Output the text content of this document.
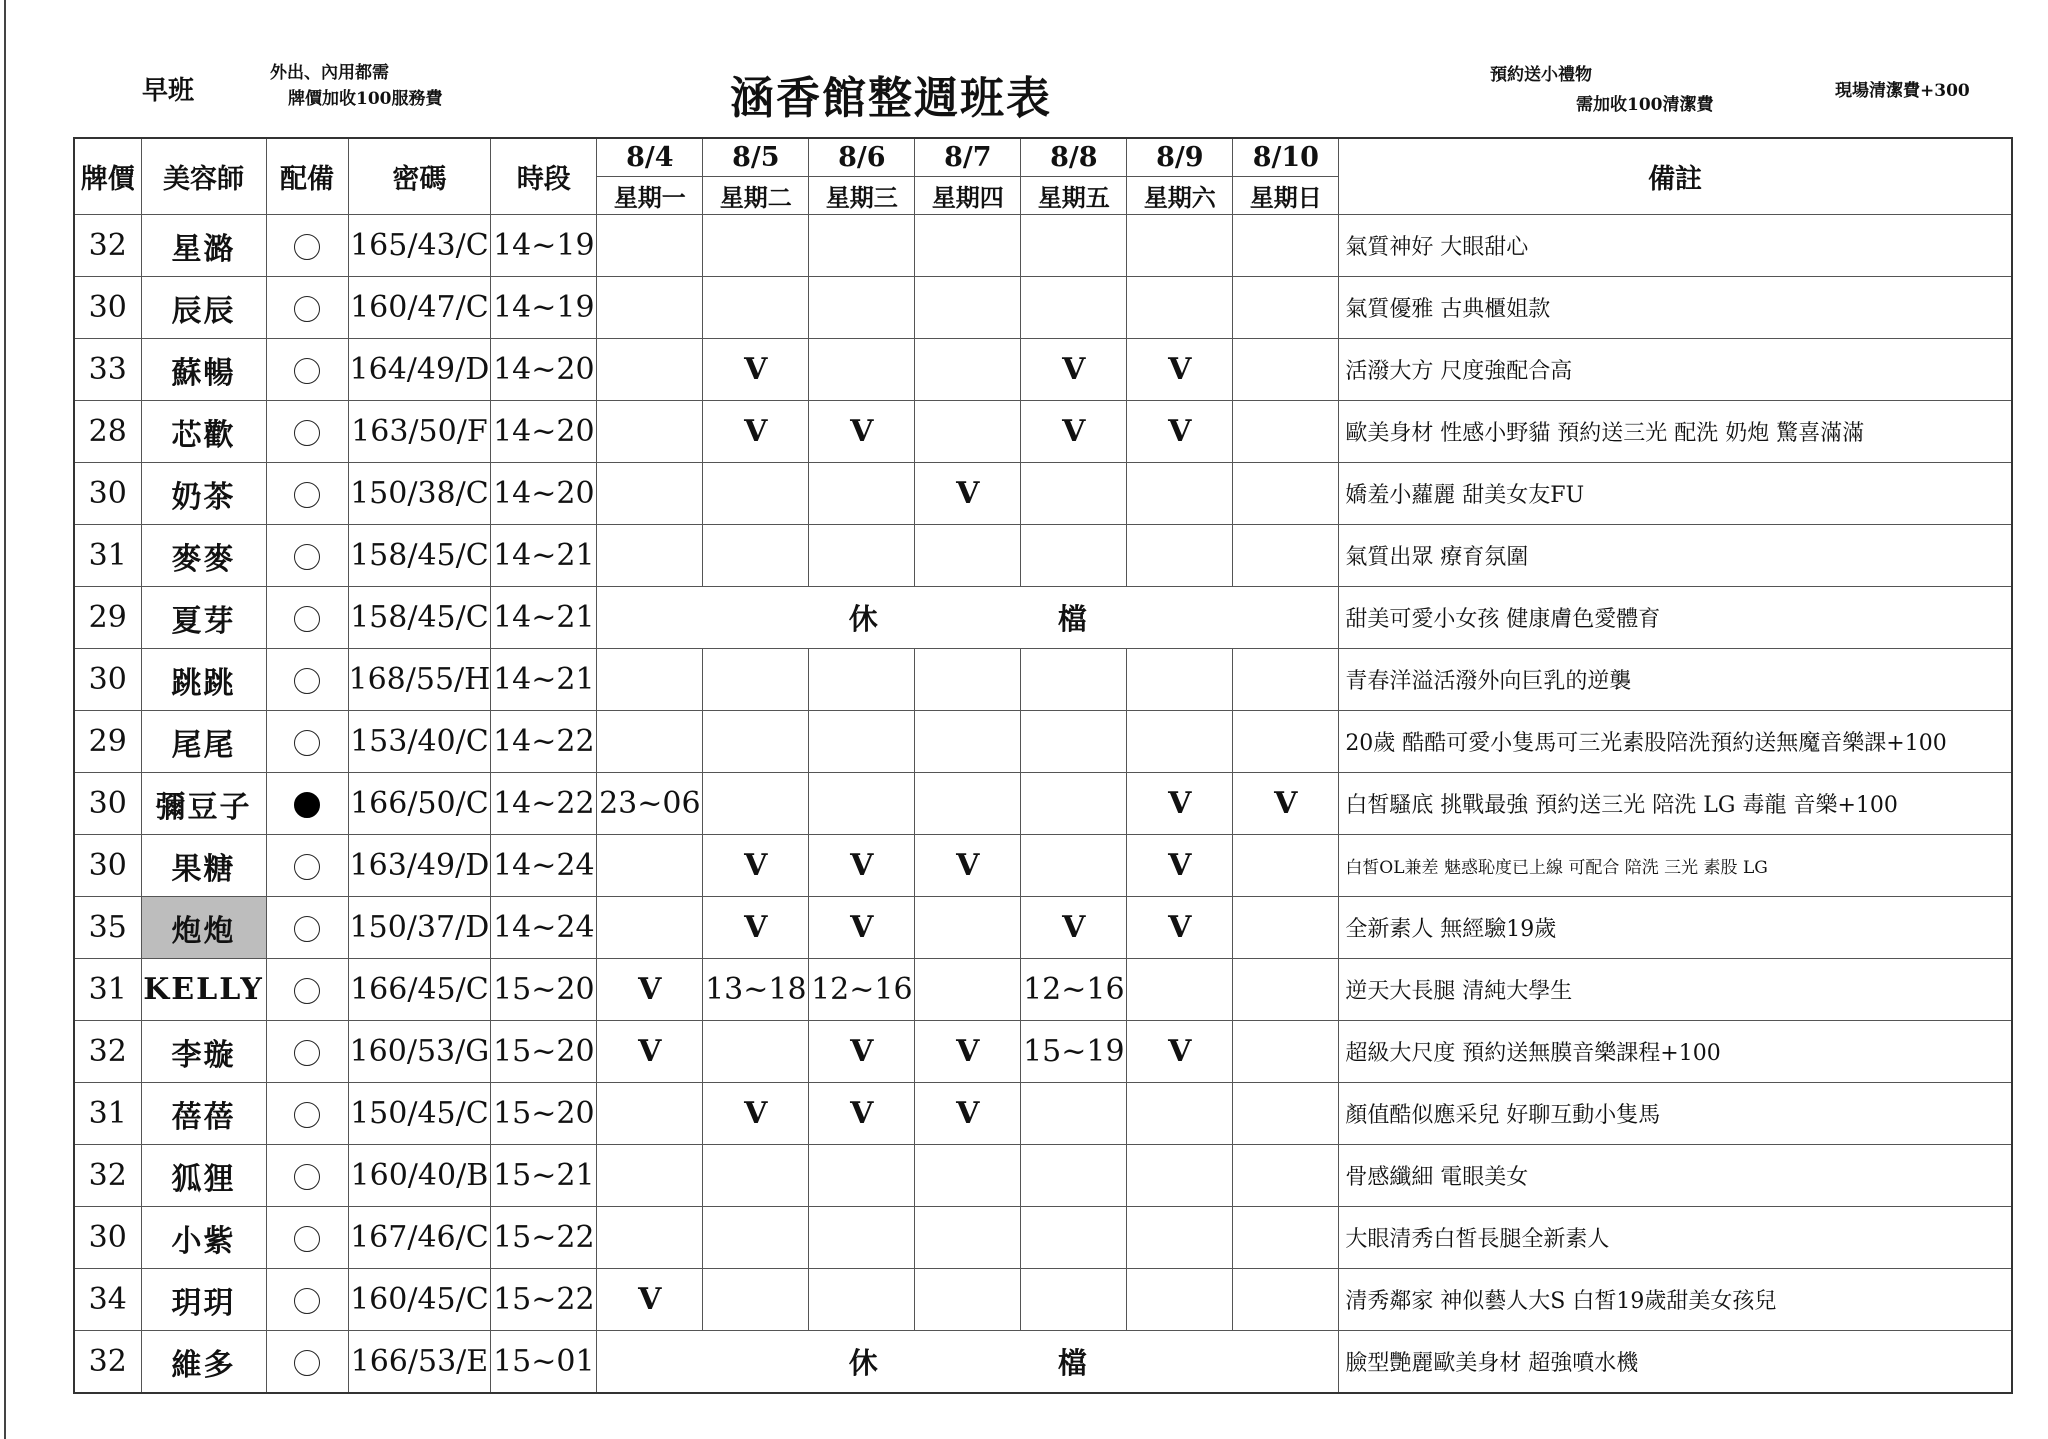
早班
外出、內用都需
牌價加收100服務費	涵香館整週班表	預約送小禮物
需加收100清潔費
現場清潔費+300
牌價	美容師	配備	密碼	時段	8/4	8/5	8/6	8/7	8/8	8/9	8/10	備註
					星期一	星期二	星期三	星期四	星期五	星期六	星期日	
32	星潞		165/43/C	14~19								氣質神好 大眼甜心
30	辰辰		160/47/C	14~19								氣質優雅 古典櫃姐款
33	蘇暢		164/49/D	14~20		V			V	V		活潑大方 尺度強配合高
28	芯歡		163/50/F	14~20		V	V		V	V		歐美身材 性感小野貓 預約送三光 配洗 奶炮 驚喜滿滿
30	奶茶		150/38/C	14~20				V				嬌羞小蘿麗 甜美女友FU
31	麥麥		158/45/C	14~21								氣質出眾 療育氛圍
29	夏芽		158/45/C	14~21	休 檔							甜美可愛小女孩 健康膚色愛體育
30	跳跳		168/55/H	14~21								青春洋溢活潑外向巨乳的逆襲
29	尾尾		153/40/C	14~22								20歲 酷酷可愛小隻馬可三光素股陪洗預約送無魔音樂課+100
30	彌豆子		166/50/C	14~22	23~06					V	V	白皙騷底 挑戰最強 預約送三光 陪洗 LG 毒龍 音樂+100
30	果糖		163/49/D	14~24		V	V	V		V		白皙OL兼差 魅惑恥度已上線 可配合 陪洗 三光 素股 LG
35	炮炮		150/37/D	14~24		V	V		V	V		全新素人 無經驗19歲
31	KELLY		166/45/C	15~20	V	13~18	12~16		12~16			逆天大長腿 清純大學生
32	李璇		160/53/G	15~20	V		V	V	15~19	V		超級大尺度 預約送無膜音樂課程+100
31	蓓蓓		150/45/C	15~20		V	V	V				顏值酷似應采兒 好聊互動小隻馬
32	狐狸		160/40/B	15~21								骨感纖細 電眼美女
30	小紫		167/46/C	15~22								大眼清秀白皙長腿全新素人
34	玥玥		160/45/C	15~22	V							清秀鄰家 神似藝人大S 白皙19歲甜美女孩兒
32	維多		166/53/E	15~01	休 檔							臉型艷麗歐美身材 超強噴水機
